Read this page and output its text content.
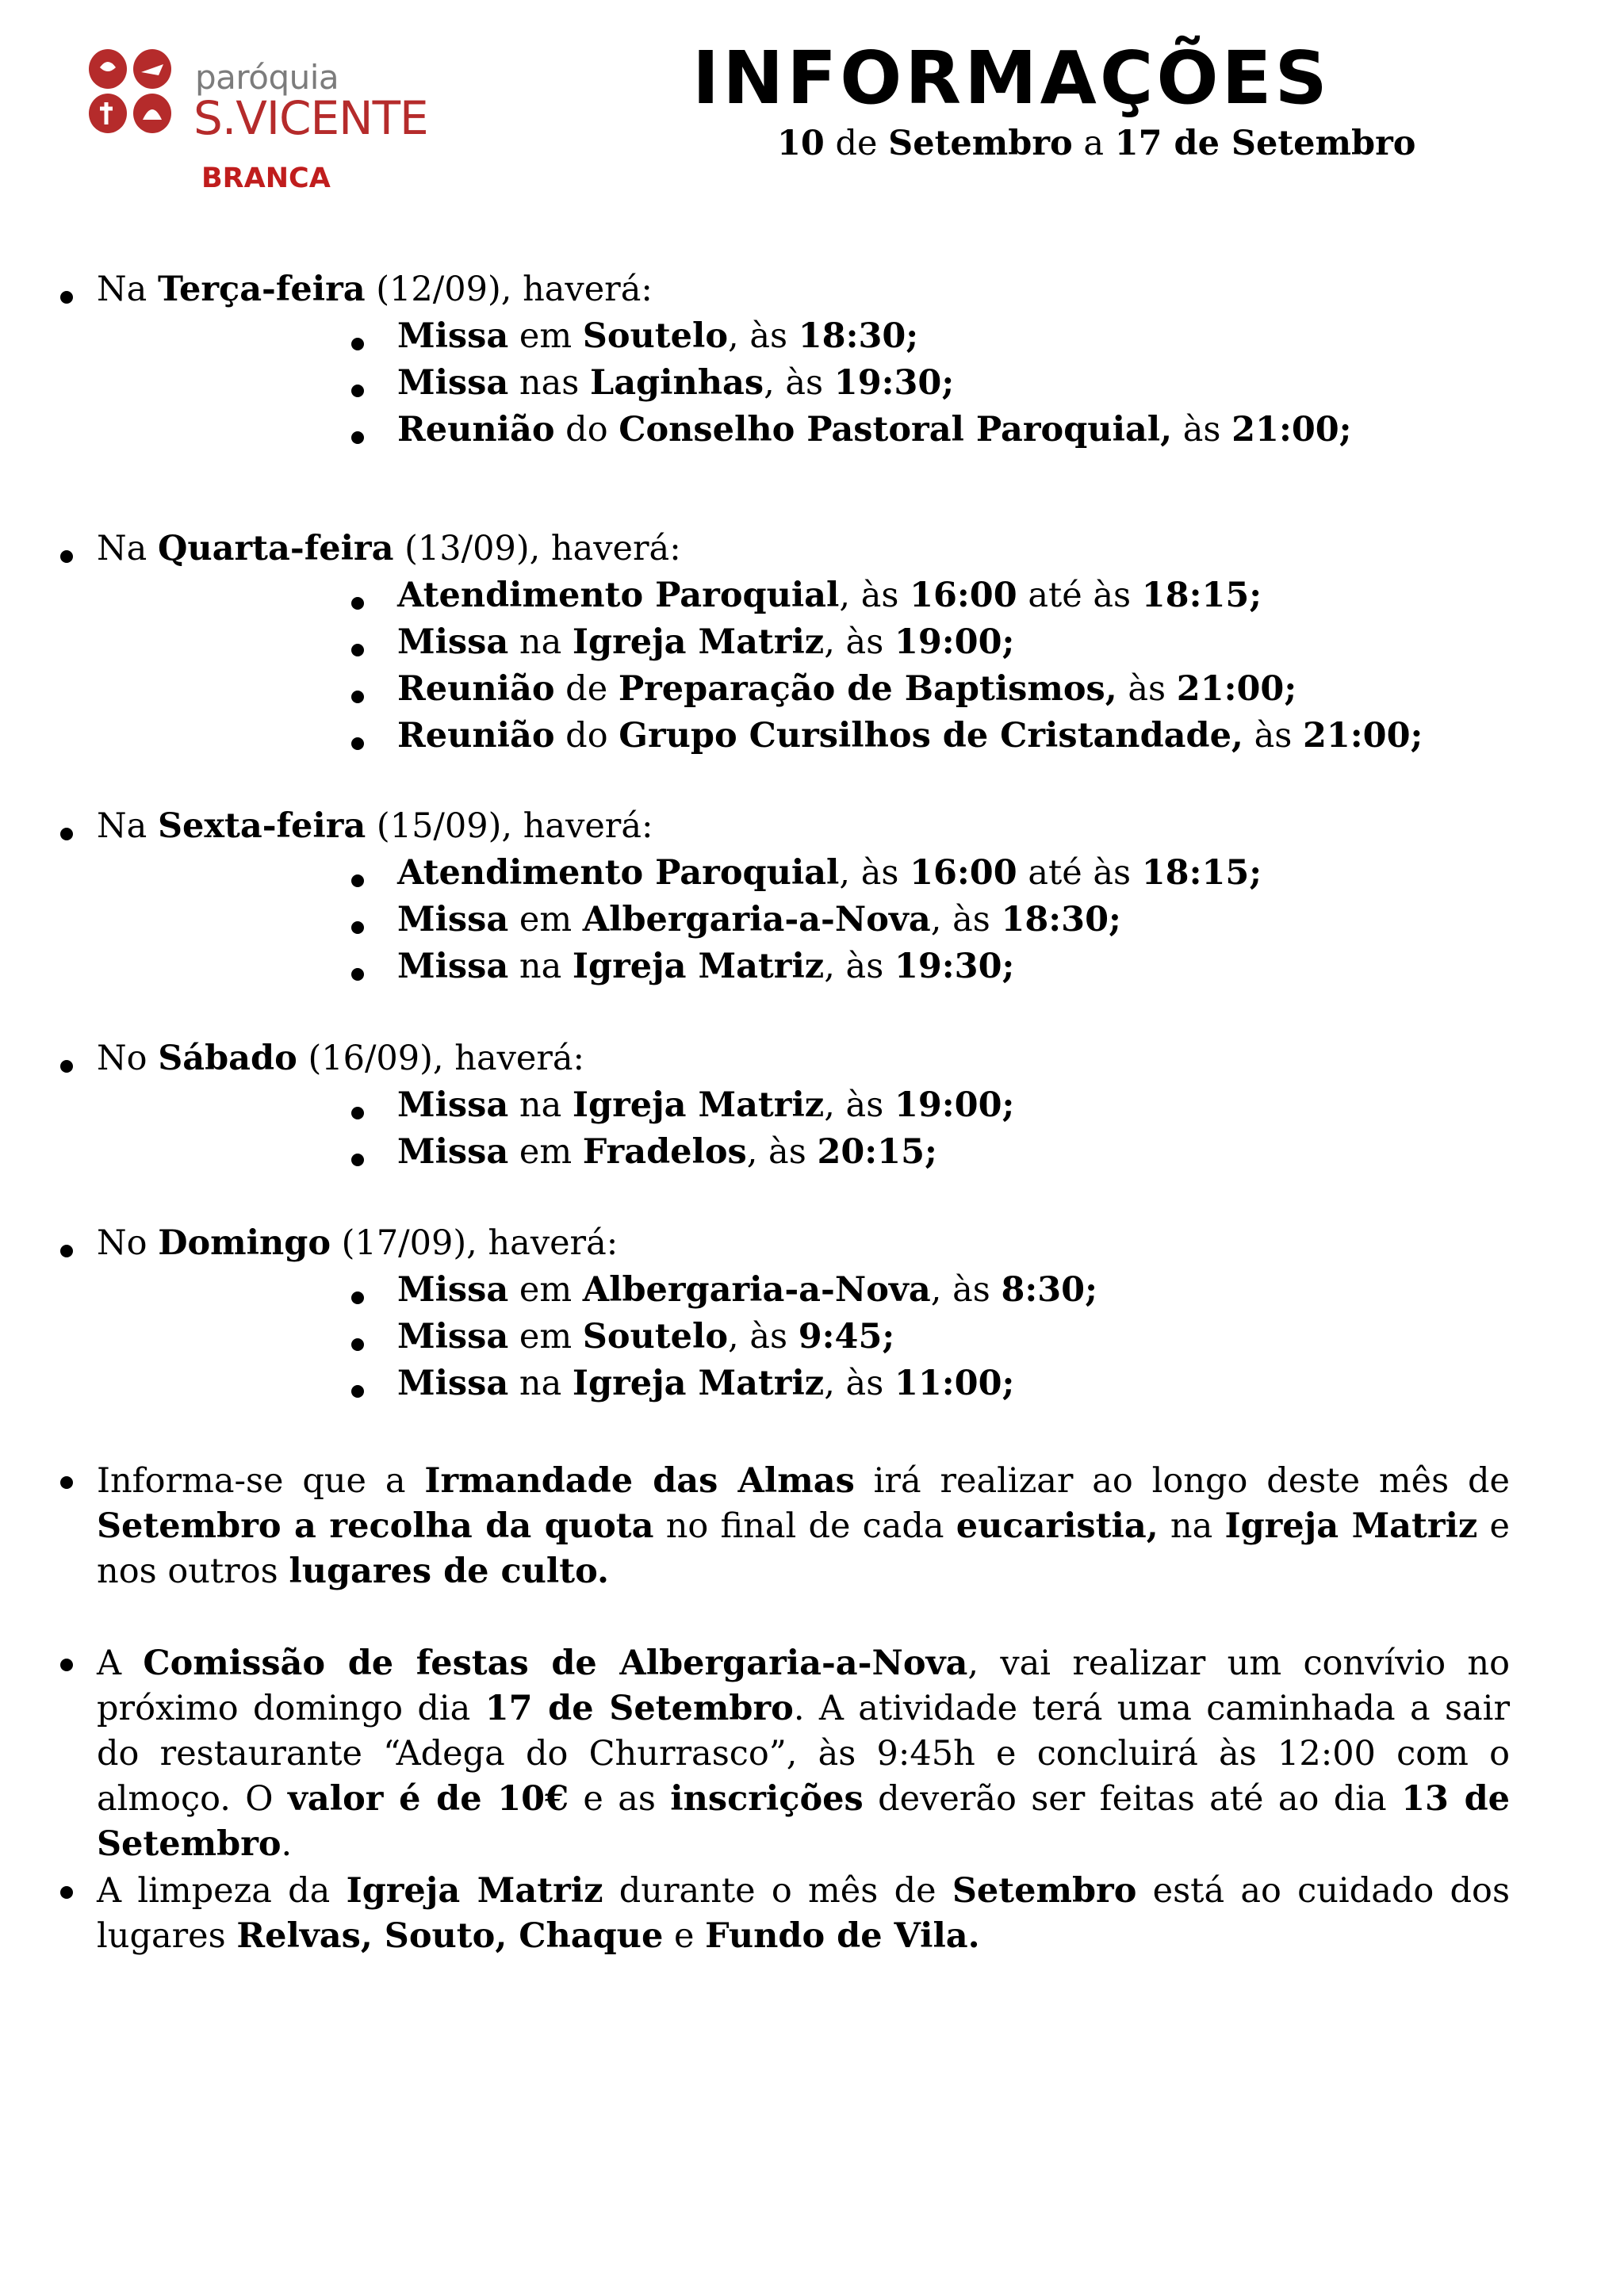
paróquia
S.VICENTE
BRANCA
INFORMAÇÕES
10 de Setembro a 17 de Setembro
Na Terça-feira (12/09), haverá:
Missa em Soutelo, às 18:30;
Missa nas Laginhas, às 19:30;
Reunião do Conselho Pastoral Paroquial, às 21:00;
Na Quarta-feira (13/09), haverá:
Atendimento Paroquial, às 16:00 até às 18:15;
Missa na Igreja Matriz, às 19:00;
Reunião de Preparação de Baptismos, às 21:00;
Reunião do Grupo Cursilhos de Cristandade, às 21:00;
Na Sexta-feira (15/09), haverá:
Atendimento Paroquial, às 16:00 até às 18:15;
Missa em Albergaria-a-Nova, às 18:30;
Missa na Igreja Matriz, às 19:30;
No Sábado (16/09), haverá:
Missa na Igreja Matriz, às 19:00;
Missa em Fradelos, às 20:15;
No Domingo (17/09), haverá:
Missa em Albergaria-a-Nova, às 8:30;
Missa em Soutelo, às 9:45;
Missa na Igreja Matriz, às 11:00;
Informa-se que a Irmandade das Almas irá realizar ao longo deste mês de Setembro a recolha da quota no final de cada eucaristia, na Igreja Matriz e nos outros lugares de culto.
A Comissão de festas de Albergaria-a-Nova, vai realizar um convívio no próximo domingo dia 17 de Setembro. A atividade terá uma caminhada a sair do restaurante “Adega do Churrasco”, às 9:45h e concluirá às 12:00 com o almoço. O valor é de 10€ e as inscrições deverão ser feitas até ao dia 13 de Setembro.
A limpeza da Igreja Matriz durante o mês de Setembro está ao cuidado dos lugares Relvas, Souto, Chaque e Fundo de Vila.
